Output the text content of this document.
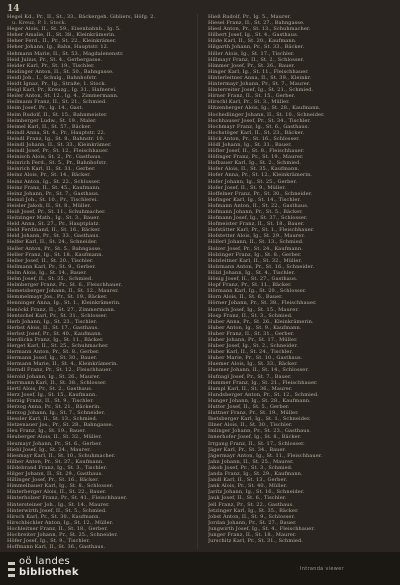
14
Hegel Kd., Pr., II., St., 33., Bäckergeh. Gibliers, Höfg. 2.
u. Kreuz, P. 1. Stock.
Heger Alois, II., St. 59., Eisenbahnb., Ig. 5.
Heher Amalie, II., St. 38., Kleinkrämerin.
Heher Ferd., II., Pr., St. 22., Kleinkrämer.
Heher Johann, Ig., Bahn, Hauptstr. 12.
Hehmann Marie, II., St. 53., Magdalenenstr.
Heid Julius, Pr., St. 4., Gerbergasse.
Heider Karl, Pr., St. 19., Tischler.
Heidinger Anton, II., St. 50., Bahngasse.
Heidl Joh., I., Schulg., Bahnhofstr.
Heidt Ignaz, Pr., Ig., Straße, 1. Stock.
Heigl Karl, Pr., Kreuzg., Ig. 31., Hafnerei.
Heiler Anton, St. 12., Ig. 4., Zimmermann.
Heilmann Franz, II., St. 21., Schmied.
Heim Josef, Pr., Ig. 14., Gast.
Heim Rudolf, II., St. 15., Bahnmeister.
Heimberger Ludw., St. 19., Maler.
Heimel Karl, II., St. 57., Bäcker.
Heindl Anna, St. 4., Pr., Hauptstr. 22.
Heindl Franz, Ig., St. 8., Bahnstr. 10.
Heindl Johann, II., St. 33., Kleinkrämer.
Heindl Josef, Pr., St. 12., Fleischhauer.
Heinisch Alois, St. 2., Pr., Gasthaus.
Heinrich Ferd., St. 5., Pr., Bahnhofstr.
Heinrich Karl, II., St. 31., Gerber.
Heinz Alois, Pr., St. 14., Bäcker.
Heinz Anton, Ig., St. 22., Schlosser.
Heinz Franz, II., St. 45., Kaufmann.
Heinz Johann, Pr., St. 7., Gasthaus.
Heinzl Joh., St. 10., Pr., Tischlerei.
Heisler Jakob, II., St. 8., Müller.
Heiß Josef, Pr., St. 11., Schuhmacher.
Heitzinger Math., Ig., St. 3., Bauer.
Held Anna, St. 27., Pr., Hauptplatz.
Held Ferdinand, II., St. 16., Bäcker.
Held Johann, Pr., St. 33., Gasthaus.
Helfer Karl, II., St. 24., Schneider.
Heller Anton, Pr., St. 5., Bahngasse.
Heller Franz, Ig., St. 18., Kaufmann.
Heller Josef, II., St. 20., Tischler.
Hellmann Karl, Pr., St. 9., Gerber.
Helm Alois, Ig., St. 14., Bauer.
Helm Josef, II., St. 35., Schmied.
Helmberger Franz, Pr., St. 6., Fleischhauer.
Hemetsberger Johann, II., St. 12., Maurer.
Hemmelmayr Jos., Pr., St. 19., Bäcker.
Henninger Anna, Ig., St. 1., Kleinkrämerin.
Henöckl Franz, II., St. 27., Zimmermann.
Hentschel Karl, Pr., St. 31., Schlosser.
Herb Johann, Ig., St. 23., Tischler.
Herbst Alois, II., St. 17., Gasthaus.
Herbst Josef, Pr., St. 40., Kaufmann.
Herdlicka Franz, Ig., St. 11., Bäcker.
Herget Karl, II., St. 25., Schuhmacher.
Hermann Anton, Pr., St. 8., Gerber.
Hermann Josef, Ig., St. 30., Bauer.
Hermann Marie, II., St. 4., Kleinkrämerin.
Herndl Franz, Pr., St. 12., Fleischhauer.
Herold Johann, Ig., St. 26., Maurer.
Herrmann Karl, II., St. 38., Schlosser.
Hertl Alois, Pr., St. 2., Gasthaus.
Herz Josef, Ig., St. 15., Kaufmann.
Herzig Franz, II., St. 9., Tischler.
Herzog Anna, Pr., St. 21., Bäckerin.
Herzog Johann, Ig., St. 7., Schneider.
Hessler Karl, II., St. 13., Schmied.
Hetzenauer Jos., Pr., St. 28., Bahngasse.
Heu Franz, Ig., St. 19., Bauer.
Heuberger Alois, II., St. 32., Müller.
Heumayr Johann, Pr., St. 6., Gerber.
Hiebl Josef, Ig., St. 24., Maurer.
Hiesmayr Karl, II., St. 10., Schuhmacher.
Hilber Anton, Pr., St. 37., Kaufmann.
Hildebrand Franz, Ig., St. 3., Tischler.
Hilger Johann, II., St. 29., Gasthaus.
Hillinger Josef, Pr., St. 16., Bäcker.
Himmelbauer Karl, Ig., St. 8., Schlosser.
Hinterberger Alois, II., St. 22., Bauer.
Hinterholzer Franz, Pr., St. 41., Fleischhauer.
Hintersteiner Joh., Ig., St. 14., Maurer.
Hinterwirth Josef, II., St. 5., Schmied.
Hirsch Karl, Pr., St. 30., Kaufmann.
Hirschbichler Anton, Ig., St. 12., Müller.
Hochleitner Franz, II., St. 18., Gerber.
Hochreiter Johann, Pr., St. 25., Schneider.
Höfer Josef, Ig., St. 9., Tischler.
Hoffmann Karl, II., St. 36., Gasthaus.
Hieß Rudolf, Pr., Ig. 5., Maurer.
Hiesel Franz, II., St. 27., Bahngasse.
Hiesl Anton, Pr., St. 13., Schuhmacher.
Hilbert Josef, Ig., St. 4., Gasthaus.
Hilde Karl, II., St. 20., Kaufmann.
Hilgarth Johann, Pr., St. 33., Bäcker.
Hiller Alois, Ig., St. 17., Tischler.
Hillmayr Franz, II., St. 2., Schlosser.
Himmer Josef, Pr., St. 26., Bauer.
Hinger Karl, Ig., St. 11., Fleischhauer.
Hinterleitner Anna, II., St. 39., Kleinkr.
Hintermayr Johann, Pr., St. 7., Maurer.
Hinterreiter Josef, Ig., St. 21., Schmied.
Hirner Franz, II., St. 15., Gerber.
Hirschl Karl, Pr., St. 3., Müller.
Hitzenberger Alois, Ig., St. 28., Kaufmann.
Hochedlinger Johann, II., St. 10., Schneider.
Hochhauser Josef, Pr., St. 34., Tischler.
Hochmayr Franz, Ig., St. 6., Gasthaus.
Hochstöger Karl, II., St. 23., Bäcker.
Höck Anton, Pr., St. 16., Schlosser.
Hödl Johann, Ig., St. 31., Bauer.
Höfler Josef, II., St. 8., Fleischhauer.
Höfinger Franz, Pr., St. 19., Maurer.
Hofbauer Karl, Ig., St. 2., Schmied.
Hofer Alois, II., St. 35., Kaufmann.
Hofer Anna, Pr., St. 12., Kleinkrämerin.
Hofer Johann, Ig., St. 25., Gerber.
Hofer Josef, II., St. 9., Müller.
Hoffelner Franz, Pr., St. 30., Schneider.
Hofinger Karl, Ig., St. 14., Tischler.
Hofmann Anton, II., St. 22., Gasthaus.
Hofmann Johann, Pr., St. 5., Bäcker.
Hofmann Josef, Ig., St. 37., Schlosser.
Hofmeister Franz, II., St. 18., Bauer.
Hofstätter Karl, Pr., St. 1., Fleischhauer.
Hofstetter Alois, Ig., St. 29., Maurer.
Höllerl Johann, II., St. 13., Schmied.
Holzer Josef, Pr., St. 24., Kaufmann.
Holzinger Franz, Ig., St. 8., Gerber.
Holzleitner Karl, II., St. 32., Müller.
Holzmann Anton, Pr., St. 16., Schneider.
Hölzl Johann, Ig., St. 4., Tischler.
Hönig Josef, II., St. 27., Gasthaus.
Hopf Franz, Pr., St. 11., Bäcker.
Hörmann Karl, Ig., St. 20., Schlosser.
Horn Alois, II., St. 6., Bauer.
Hörner Johann, Pr., St. 38., Fleischhauer.
Hornich Josef, Ig., St. 15., Maurer.
Hosp Franz, II., St. 3., Schmied.
Huber Anna, Pr., St. 26., Kleinkrämerin.
Huber Anton, Ig., St. 9., Kaufmann.
Huber Franz, II., St. 31., Gerber.
Huber Johann, Pr., St. 17., Müller.
Huber Josef, Ig., St. 2., Schneider.
Huber Karl, II., St. 24., Tischler.
Huber Marie, Pr., St. 10., Gasthaus.
Huemer Alois, Ig., St. 33., Bäcker.
Huemer Johann, II., St. 14., Schlosser.
Hufnagl Josef, Pr., St. 7., Bauer.
Hummer Franz, Ig., St. 21., Fleischhauer.
Humpl Karl, II., St. 36., Maurer.
Hundsberger Anton, Pr., St. 12., Schmied.
Hunger Johann, Ig., St. 28., Kaufmann.
Hutter Josef, II., St. 5., Gerber.
Huttner Franz, Pr., St. 19., Müller.
Ibetsberger Karl, Ig., St. 1., Schneider.
Illner Alois, II., St. 30., Tischler.
Imlinger Johann, Pr., St. 23., Gasthaus.
Innerhofer Josef, Ig., St. 8., Bäcker.
Irrgang Franz, II., St. 17., Schlosser.
Jäger Karl, Pr., St. 34., Bauer.
Jägermayr Anton, Ig., St. 11., Fleischhauer.
Jahn Johann, II., St. 25., Maurer.
Jakob Josef, Pr., St. 3., Schmied.
Janda Franz, Ig., St. 29., Kaufmann.
Jandl Karl, II., St. 13., Gerber.
Jank Alois, Pr., St. 40., Müller.
Jaritz Johann, Ig., St. 16., Schneider.
Jauk Josef, II., St. 6., Tischler.
Jell Franz, Pr., St. 22., Gasthaus.
Jetzinger Karl, Ig., St. 35., Bäcker.
Jobst Anton, II., St. 9., Schlosser.
Jordan Johann, Pr., St. 27., Bauer.
Jungwirth Josef, Ig., St. 4., Fleischhauer.
Junger Franz, II., St. 18., Maurer.
Jurschitz Karl, Pr., St. 31., Schmied.
oö landes
bibliothek	Intranda viewer
